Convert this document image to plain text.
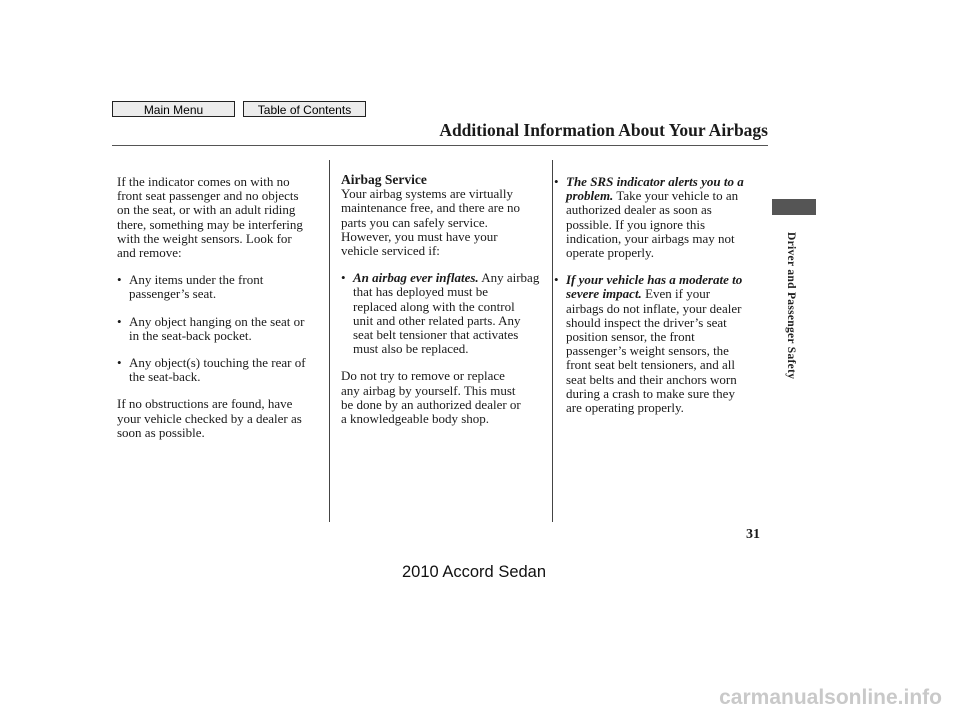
Main Menu	Table of Contents
Additional Information About Your Airbags

If the indicator comes on with no
front seat passenger and no objects
on the seat, or with an adult riding
there, something may be interfering
with the weight sensors. Look for
and remove:

• Any items under the front
passenger’s seat.
• Any object hanging on the seat or
in the seat-back pocket.
• Any object(s) touching the rear of
the seat-back.

If no obstructions are found, have
your vehicle checked by a dealer as
soon as possible.

Airbag Service

Your airbag systems are virtually
maintenance free, and there are no
parts you can safely service.
However, you must have your
vehicle serviced if:

• An airbag ever inflates. Any airbag
that has deployed must be
replaced along with the control
unit and other related parts. Any
seat belt tensioner that activates
must also be replaced.

Do not try to remove or replace
any airbag by yourself. This must
be done by an authorized dealer or
a knowledgeable body shop.

• The SRS indicator alerts you to a
problem. Take your vehicle to an
authorized dealer as soon as
possible. If you ignore this
indication, your airbags may not
operate properly.
• If your vehicle has a moderate to
severe impact. Even if your
airbags do not inflate, your dealer
should inspect the driver’s seat
position sensor, the front
passenger’s weight sensors, the
front seat belt tensioners, and all
seat belts and their anchors worn
during a crash to make sure they
are operating properly.
Driver and Passenger Safety
31
2010 Accord Sedan
carmanualsonline.info
